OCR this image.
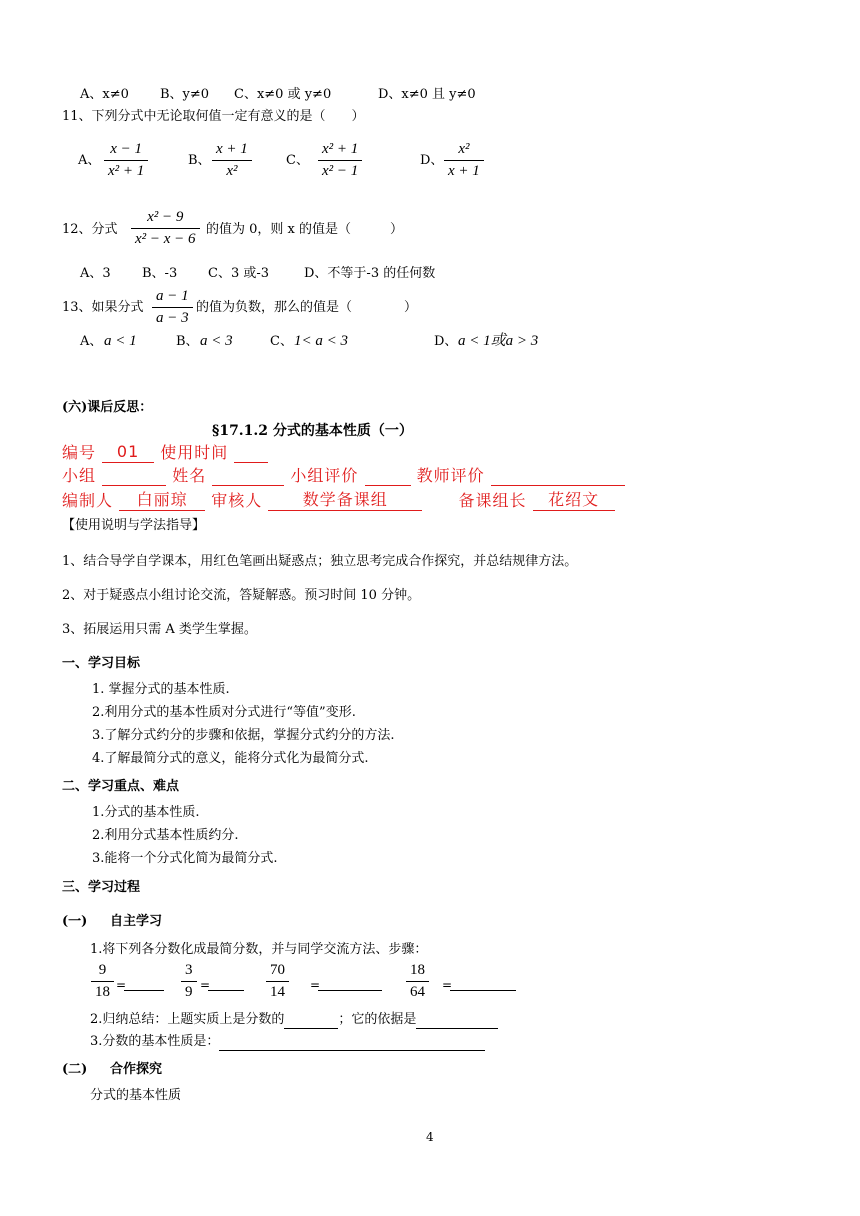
A、x≠0 B、y≠0 C、x≠0 或 y≠0	D、x≠0 且 y≠0
11、下列分式中无论取何值一定有意义的是（　　）
A、 $\frac{x - 1}{\text{x² + 1}}$	B、 $\frac{x + 1}{\text{x²}}$	C、 $\frac{\text{x² + 1}}{\text{x² − 1}}$	D、 $\frac{\text{x²}}{x + 1}$
12、分式 $\frac{\text{x² − 9}}{\text{x² − x − 6}}$ 的值为 0，则 x 的值是（　　　）
A、3 B、-3 C、3 或-3	D、不等于-3 的任何数
13、如果分式 $\frac{a - 1}{a - 3}$ 的值为负数，那么的值是（　　　　）
A、 a < 1	B、 a < 3	C、 1< a < 3	D、 a < 1或a > 3
(六)课后反思：
§17.1.2 分式的基本性质（一）
编号 01 使用时间
小组	姓名	小组评价	教师评价
编制人 白丽琼 审核人	数学备课组	备课组长 花绍文
【使用说明与学法指导】
1、结合导学自学课本，用红色笔画出疑惑点；独立思考完成合作探究，并总结规律方法。
2、对于疑惑点小组讨论交流，答疑解惑。预习时间 10 分钟。
3、拓展运用只需 A 类学生掌握。
一、学习目标
1. 掌握分式的基本性质.
2.利用分式的基本性质对分式进行“等值”变形.
3.了解分式约分的步骤和依据，掌握分式约分的方法.
4.了解最简分式的意义，能将分式化为最简分式.
二、学习重点、难点
1.分式的基本性质.
2.利用分式基本性质约分.
3.能将一个分式化简为最简分式.
三、学习过程
(一) 自主学习
1.将下列各分数化成最简分数，并与同学交流方法、步骤：
$\frac{9}{18}$ =	$\frac{3}{9}$ =	$\frac{70}{14}$ =	$\frac{18}{64}$ =
2.归纳总结：上题实质上是分数的	；它的依据是
3.分数的基本性质是：
(二) 合作探究
分式的基本性质
4
